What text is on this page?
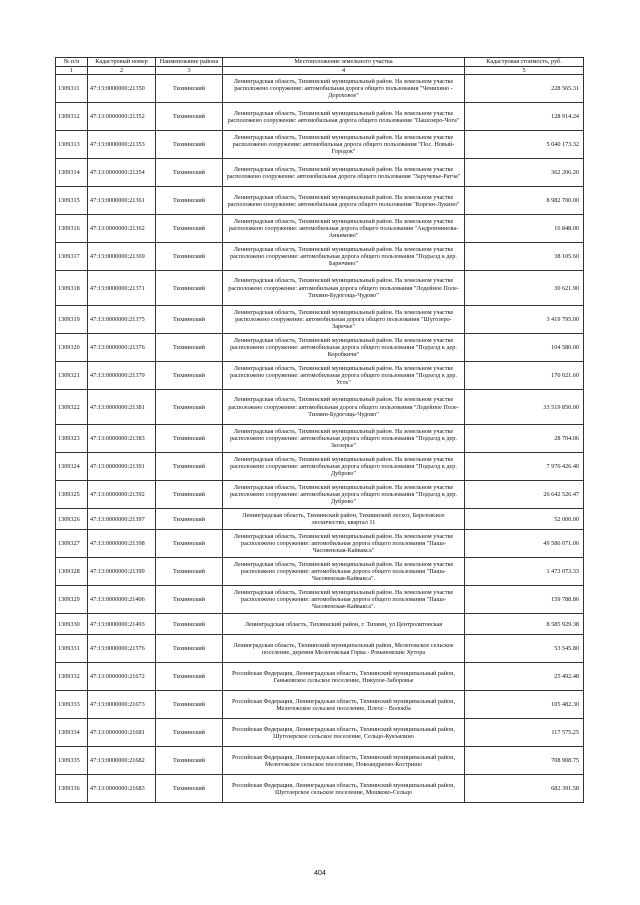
№ п/п	Кадастровый номер	Наименование района	Местоположение земельного участка	Кадастровая стоимость, руб.
1	2	3	4	5
1309311	47:13:0000000:21350	Тихвинский	Ленинградская область, Тихвинский муниципальный район. На земельном участке расположено сооружение: автомобильная дорога общего пользования "Чемихино - Дороховое"	228 565.31
1309312	47:13:0000000:21352	Тихвинский	Ленинградская область, Тихвинский муниципальный район. На земельном участке расположено сооружение: автомобильная дорога общего пользования "Пашозеро-Чога"	128 914.24
1309313	47:13:0000000:21353	Тихвинский	Ленинградская область, Тихвинский муниципальный район. На земельном участке расположено сооружение: автомобильная дорога общего пользования "Пос. Новый-Городок"	5 040 173.32
1309314	47:13:0000000:21354	Тихвинский	Ленинградская область, Тихвинский муниципальный район. На земельном участке расположено сооружение: автомобильная дорога общего пользования "Заручевье-Ратча"	362 206.20
1309315	47:13:0000000:21361	Тихвинский	Ленинградская область, Тихвинский муниципальный район. На земельном участке расположено сооружение: автомобильная дорога общего пользования "Коргин-Лукино"	8 982 700.00
1309316	47:13:0000000:21362	Тихвинский	Ленинградская область, Тихвинский муниципальный район. На земельном участке расположено сооружение: автомобильная дорога общего пользования "Андроннинова-Анкимово"	16 848.00
1309317	47:13:0000000:21369	Тихвинский	Ленинградская область, Тихвинский муниципальный район. На земельном участке расположено сооружение: автомобильная дорога общего пользования "Подъезд к дер. Барючино"	38 105.60
1309318	47:13:0000000:21371	Тихвинский	Ленинградская область, Тихвинский муниципальный район. На земельном участке расположено сооружение: автомобильная дорога общего пользования "Лодейное Поле-Тихвин-Будогощь-Чудово"	30 621.90
1309319	47:13:0000000:21375	Тихвинский	Ленинградская область, Тихвинский муниципальный район. На земельном участке расположено сооружение: автомобильная дорога общего пользования "Шугозеро-Заречье"	3 419 795.00
1309320	47:13:0000000:21376	Тихвинский	Ленинградская область, Тихвинский муниципальный район. На земельном участке расположено сооружение: автомобильная дорога общего пользования "Подъезд к дер. Коробкичи"	104 580.00
1309321	47:13:0000000:21379	Тихвинский	Ленинградская область, Тихвинский муниципальный район. На земельном участке расположено сооружение: автомобильная дорога общего пользования "Подъезд к дер. Усть"	170 021.60
1309322	47:13:0000000:21381	Тихвинский	Ленинградская область, Тихвинский муниципальный район. На земельном участке расположено сооружение: автомобильная дорога общего пользования "Лодейное Поле-Тихвин-Будогощь-Чудово"	33 519 850.00
1309323	47:13:0000000:21383	Тихвинский	Ленинградская область, Тихвинский муниципальный район. На земельном участке расположено сооружение: автомобильная дорога общего пользования "Подъезд к дер. Заозерье"	28 704.06
1309324	47:13:0000000:21391	Тихвинский	Ленинградская область, Тихвинский муниципальный район. На земельном участке расположено сооружение: автомобильная дорога общего пользования "Подъезд к дер. Дуброво"	7 976 426.40
1309325	47:13:0000000:21392	Тихвинский	Ленинградская область, Тихвинский муниципальный район. На земельном участке расположено сооружение: автомобильная дорога общего пользования "Подъезд к дер. Дуброво"	26 642 526.47
1309326	47:13:0000000:21397	Тихвинский	Ленинградская область, Тихвинский район, Тихвинский лесхоз, Березовское лесничество, квартал 11	52 000.00
1309327	47:13:0000000:21398	Тихвинский	Ленинградская область, Тихвинский муниципальный район. На земельном участке расположено сооружение: автомобильная дорога общего пользования "Паша-Часовенская-Кайвакса"	49 586 071.06
1309328	47:13:0000000:21399	Тихвинский	Ленинградская область, Тихвинский муниципальный район. На земельном участке расположено сооружение: автомобильная дорога общего пользования "Паша-Часовенская-Кайвакса".	1 473 073.33
1309329	47:13:0000000:21406	Тихвинский	Ленинградская область, Тихвинский муниципальный район. На земельном участке расположено сооружение: автомобильная дорога общего пользования "Паша-Часовенская-Кайвакса".	159 788.86
1309330	47:13:0000000:21493	Тихвинский	Ленинградская область, Тихвинский район, г. Тихвин, ул Центролитовская	8 585 929.38
1309331	47:13:0000000:21576	Тихвинский	Ленинградская область, Тихвинский муниципальный район, Мелегежское сельское поселение, деревня Мелегежская Горка - Романовские Хутора	53 545.80
1309332	47:13:0000000:21672	Тихвинский	Российская Федерация, Ленинградская область, Тихвинский муниципальный район, Ганьковское сельское поселение, Никулое-Заборовье	25 492.48
1309333	47:13:0000000:21673	Тихвинский	Российская Федерация, Ленинградская область, Тихвинский муниципальный район, Мелегежское сельское поселение, Плеос - Волокба	105 482.30
1309334	47:13:0000000:21681	Тихвинский	Российская Федерация, Ленинградская область, Тихвинский муниципальный район, Шугозерское сельское поселение, Сельцо-Кукъялино	117 575.25
1309335	47:13:0000000:21682	Тихвинский	Российская Федерация, Ленинградская область, Тихвинский муниципальный район, Мелегежское сельское поселение, Новоандреево-Костришо	708 908.75
1309336	47:13:0000000:21683	Тихвинский	Российская Федерация, Ленинградская область, Тихвинский муниципальный район, Шугозерское сельское поселение, Мошково-Сельцо	682 391.58
404
